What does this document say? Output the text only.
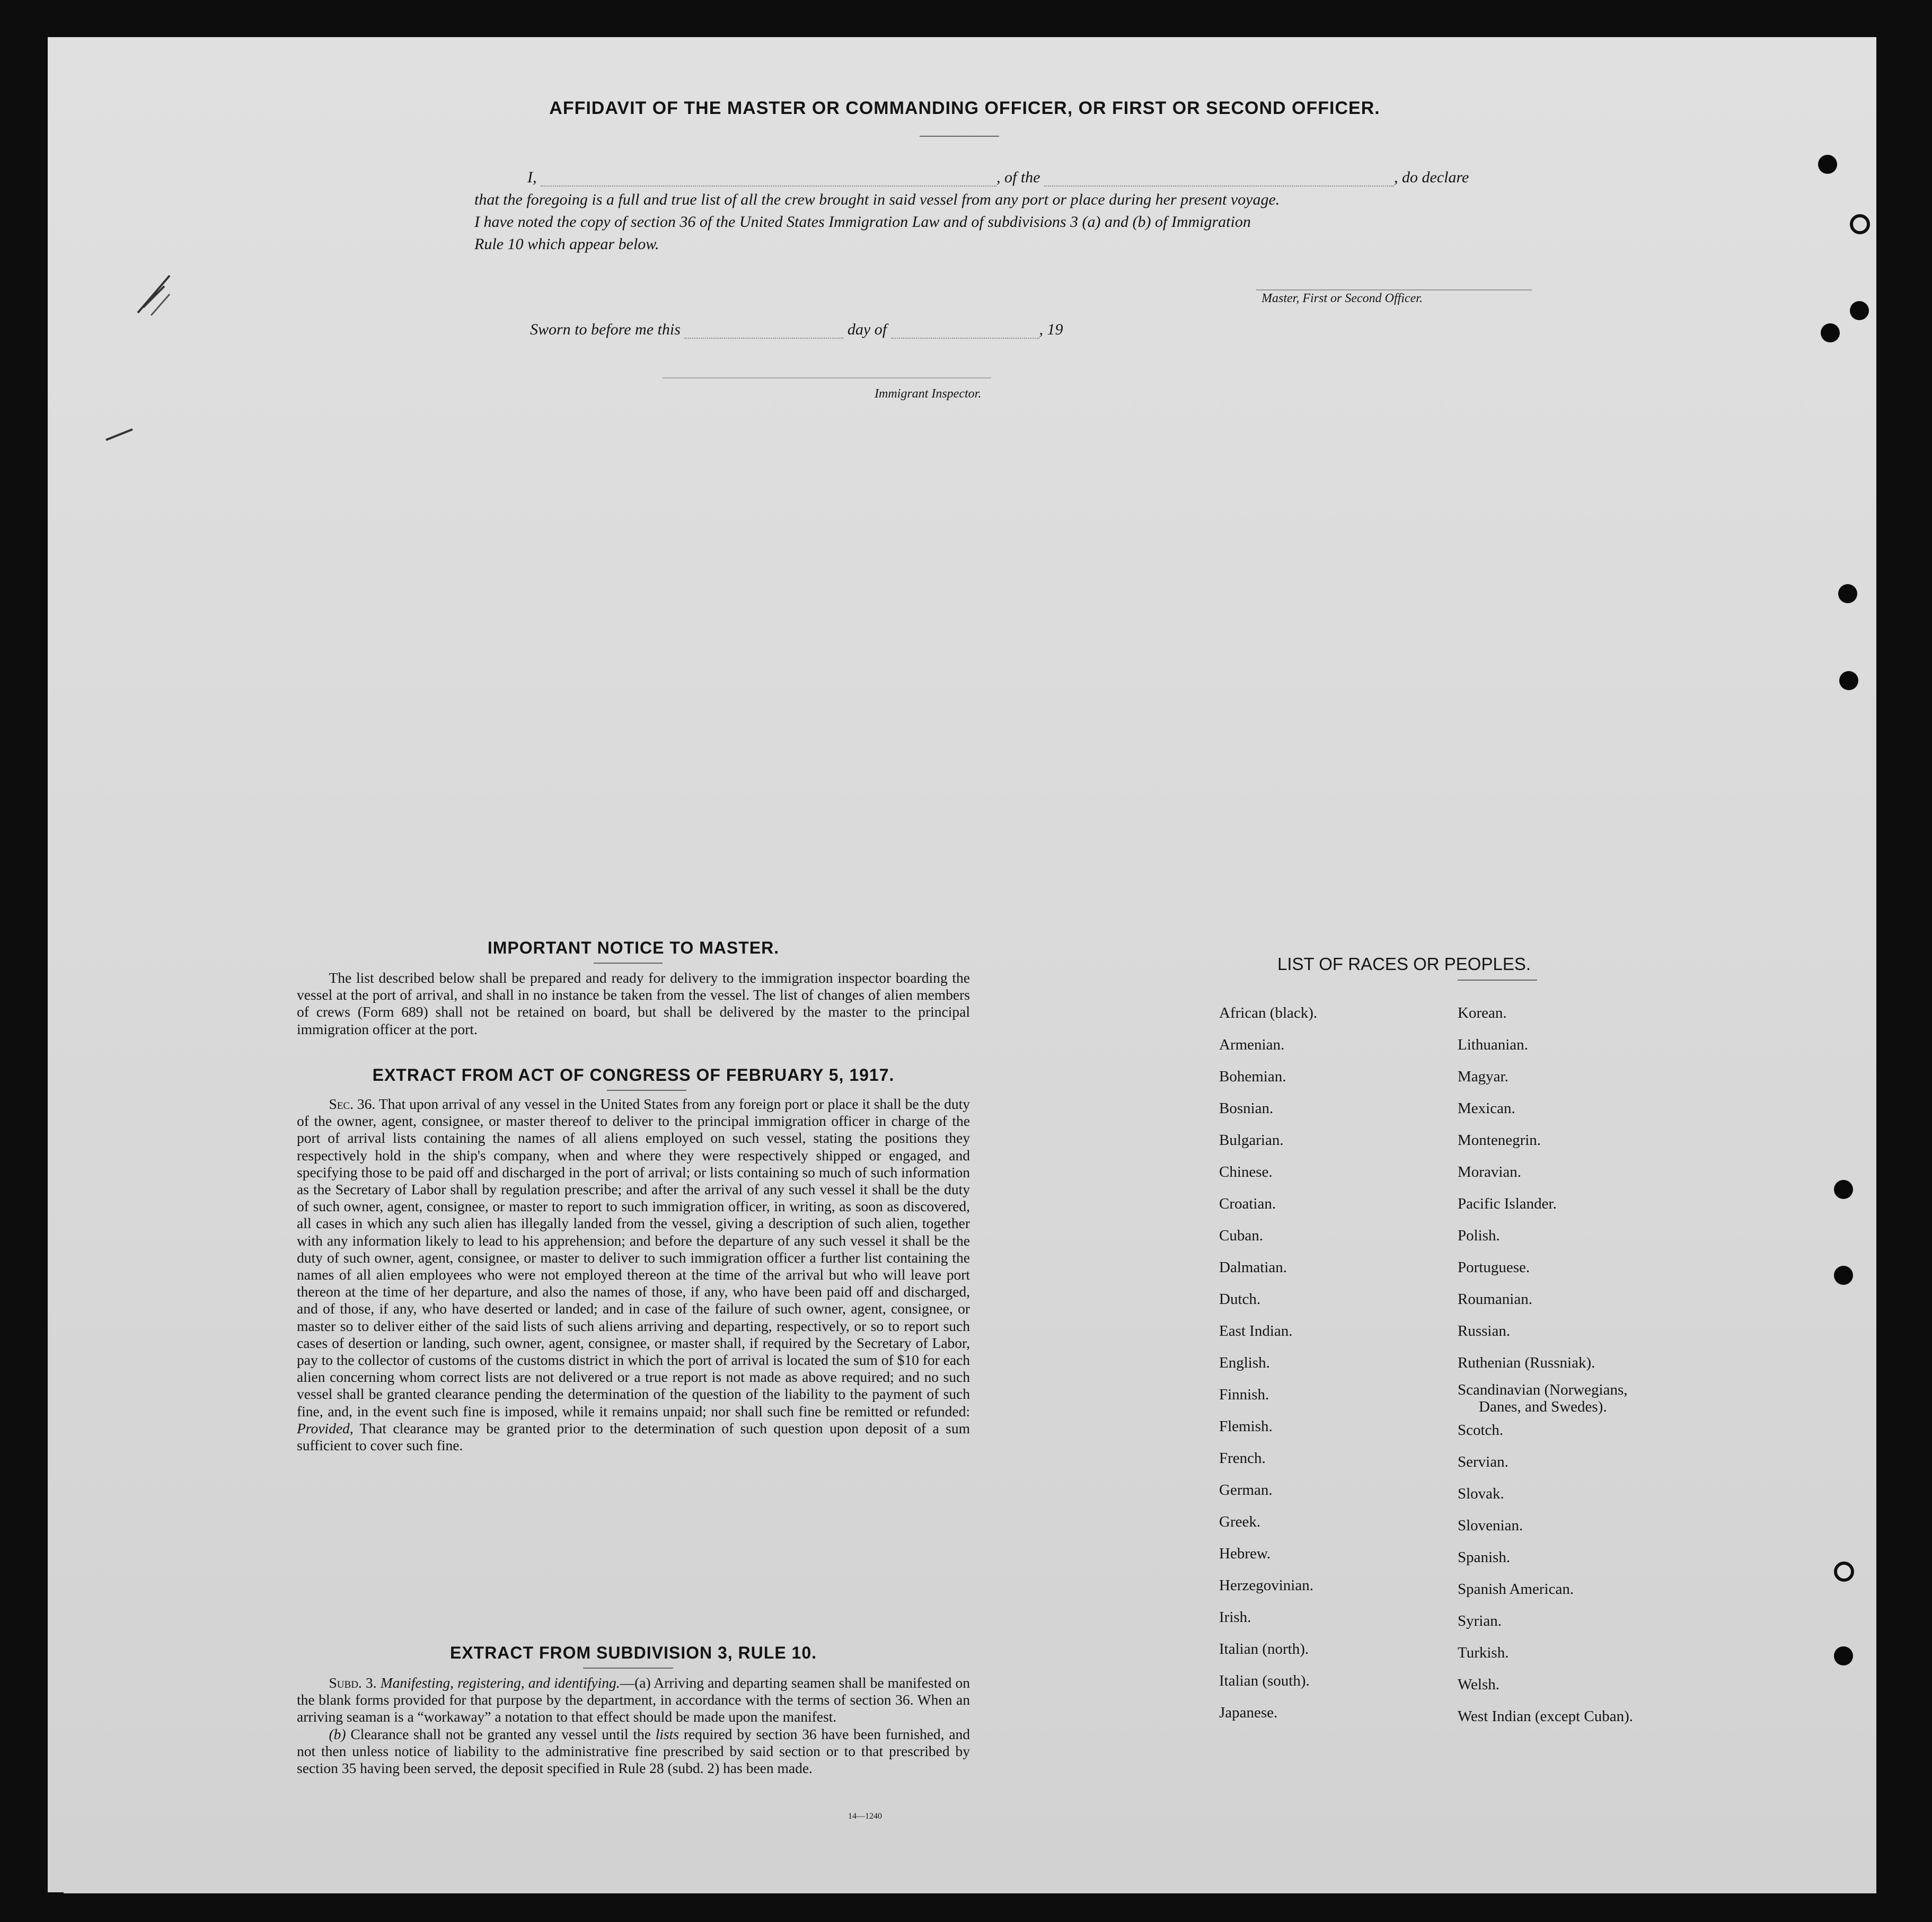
AFFIDAVIT OF THE MASTER OR COMMANDING OFFICER, OR FIRST OR SECOND OFFICER.
I,	, of the	, do declare
that the foregoing is a full and true list of all the crew brought in said vessel from any port or place during her present voyage.
I have noted the copy of section 36 of the United States Immigration Law and of subdivisions 3 (a) and (b) of Immigration
Rule 10 which appear below.
Master, First or Second Officer.
Sworn to before me this	day of	, 19
Immigrant Inspector.
IMPORTANT NOTICE TO MASTER.

The list described below shall be prepared and ready for delivery to the immigration inspector boarding the vessel at the port of arrival, and shall in no instance be taken from the vessel. The list of changes of alien members of crews (Form 689) shall not be retained on board, but shall be delivered by the master to the principal immigration officer at the port.

EXTRACT FROM ACT OF CONGRESS OF FEBRUARY 5, 1917.

Sec. 36. That upon arrival of any vessel in the United States from any foreign port or place it shall be the duty of the owner, agent, consignee, or master thereof to deliver to the principal immigration officer in charge of the port of arrival lists containing the names of all aliens employed on such vessel, stating the positions they respectively hold in the ship's company, when and where they were respectively shipped or engaged, and specifying those to be paid off and discharged in the port of arrival; or lists containing so much of such information as the Secretary of Labor shall by regulation prescribe; and after the arrival of any such vessel it shall be the duty of such owner, agent, consignee, or master to report to such immigration officer, in writing, as soon as discovered, all cases in which any such alien has illegally landed from the vessel, giving a description of such alien, together with any information likely to lead to his apprehension; and before the departure of any such vessel it shall be the duty of such owner, agent, consignee, or master to deliver to such immigration officer a further list containing the names of all alien employees who were not employed thereon at the time of the arrival but who will leave port thereon at the time of her departure, and also the names of those, if any, who have been paid off and discharged, and of those, if any, who have deserted or landed; and in case of the failure of such owner, agent, consignee, or master so to deliver either of the said lists of such aliens arriving and departing, respectively, or so to report such cases of desertion or landing, such owner, agent, consignee, or master shall, if required by the Secretary of Labor, pay to the collector of customs of the customs district in which the port of arrival is located the sum of $10 for each alien concerning whom correct lists are not delivered or a true report is not made as above required; and no such vessel shall be granted clearance pending the determination of the question of the liability to the payment of such fine, and, in the event such fine is imposed, while it remains unpaid; nor shall such fine be remitted or refunded: Provided, That clearance may be granted prior to the determination of such question upon deposit of a sum sufficient to cover such fine.

EXTRACT FROM SUBDIVISION 3, RULE 10.

Subd. 3. Manifesting, registering, and identifying.—(a) Arriving and departing seamen shall be manifested on the blank forms provided for that purpose by the department, in accordance with the terms of section 36. When an arriving seaman is a “workaway” a notation to that effect should be made upon the manifest.

(b) Clearance shall not be granted any vessel until the lists required by section 36 have been furnished, and not then unless notice of liability to the administrative fine prescribed by said section or to that prescribed by section 35 having been served, the deposit specified in Rule 28 (subd. 2) has been made.

14—1240
LIST OF RACES OR PEOPLES.
African (black).
Armenian.
Bohemian.
Bosnian.
Bulgarian.
Chinese.
Croatian.
Cuban.
Dalmatian.
Dutch.
East Indian.
English.
Finnish.
Flemish.
French.
German.
Greek.
Hebrew.
Herzegovinian.
Irish.
Italian (north).
Italian (south).
Japanese.
Korean.
Lithuanian.
Magyar.
Mexican.
Montenegrin.
Moravian.
Pacific Islander.
Polish.
Portuguese.
Roumanian.
Russian.
Ruthenian (Russniak).
Scandinavian (Norwegians,
Danes, and Swedes).
Scotch.
Servian.
Slovak.
Slovenian.
Spanish.
Spanish American.
Syrian.
Turkish.
Welsh.
West Indian (except Cuban).
